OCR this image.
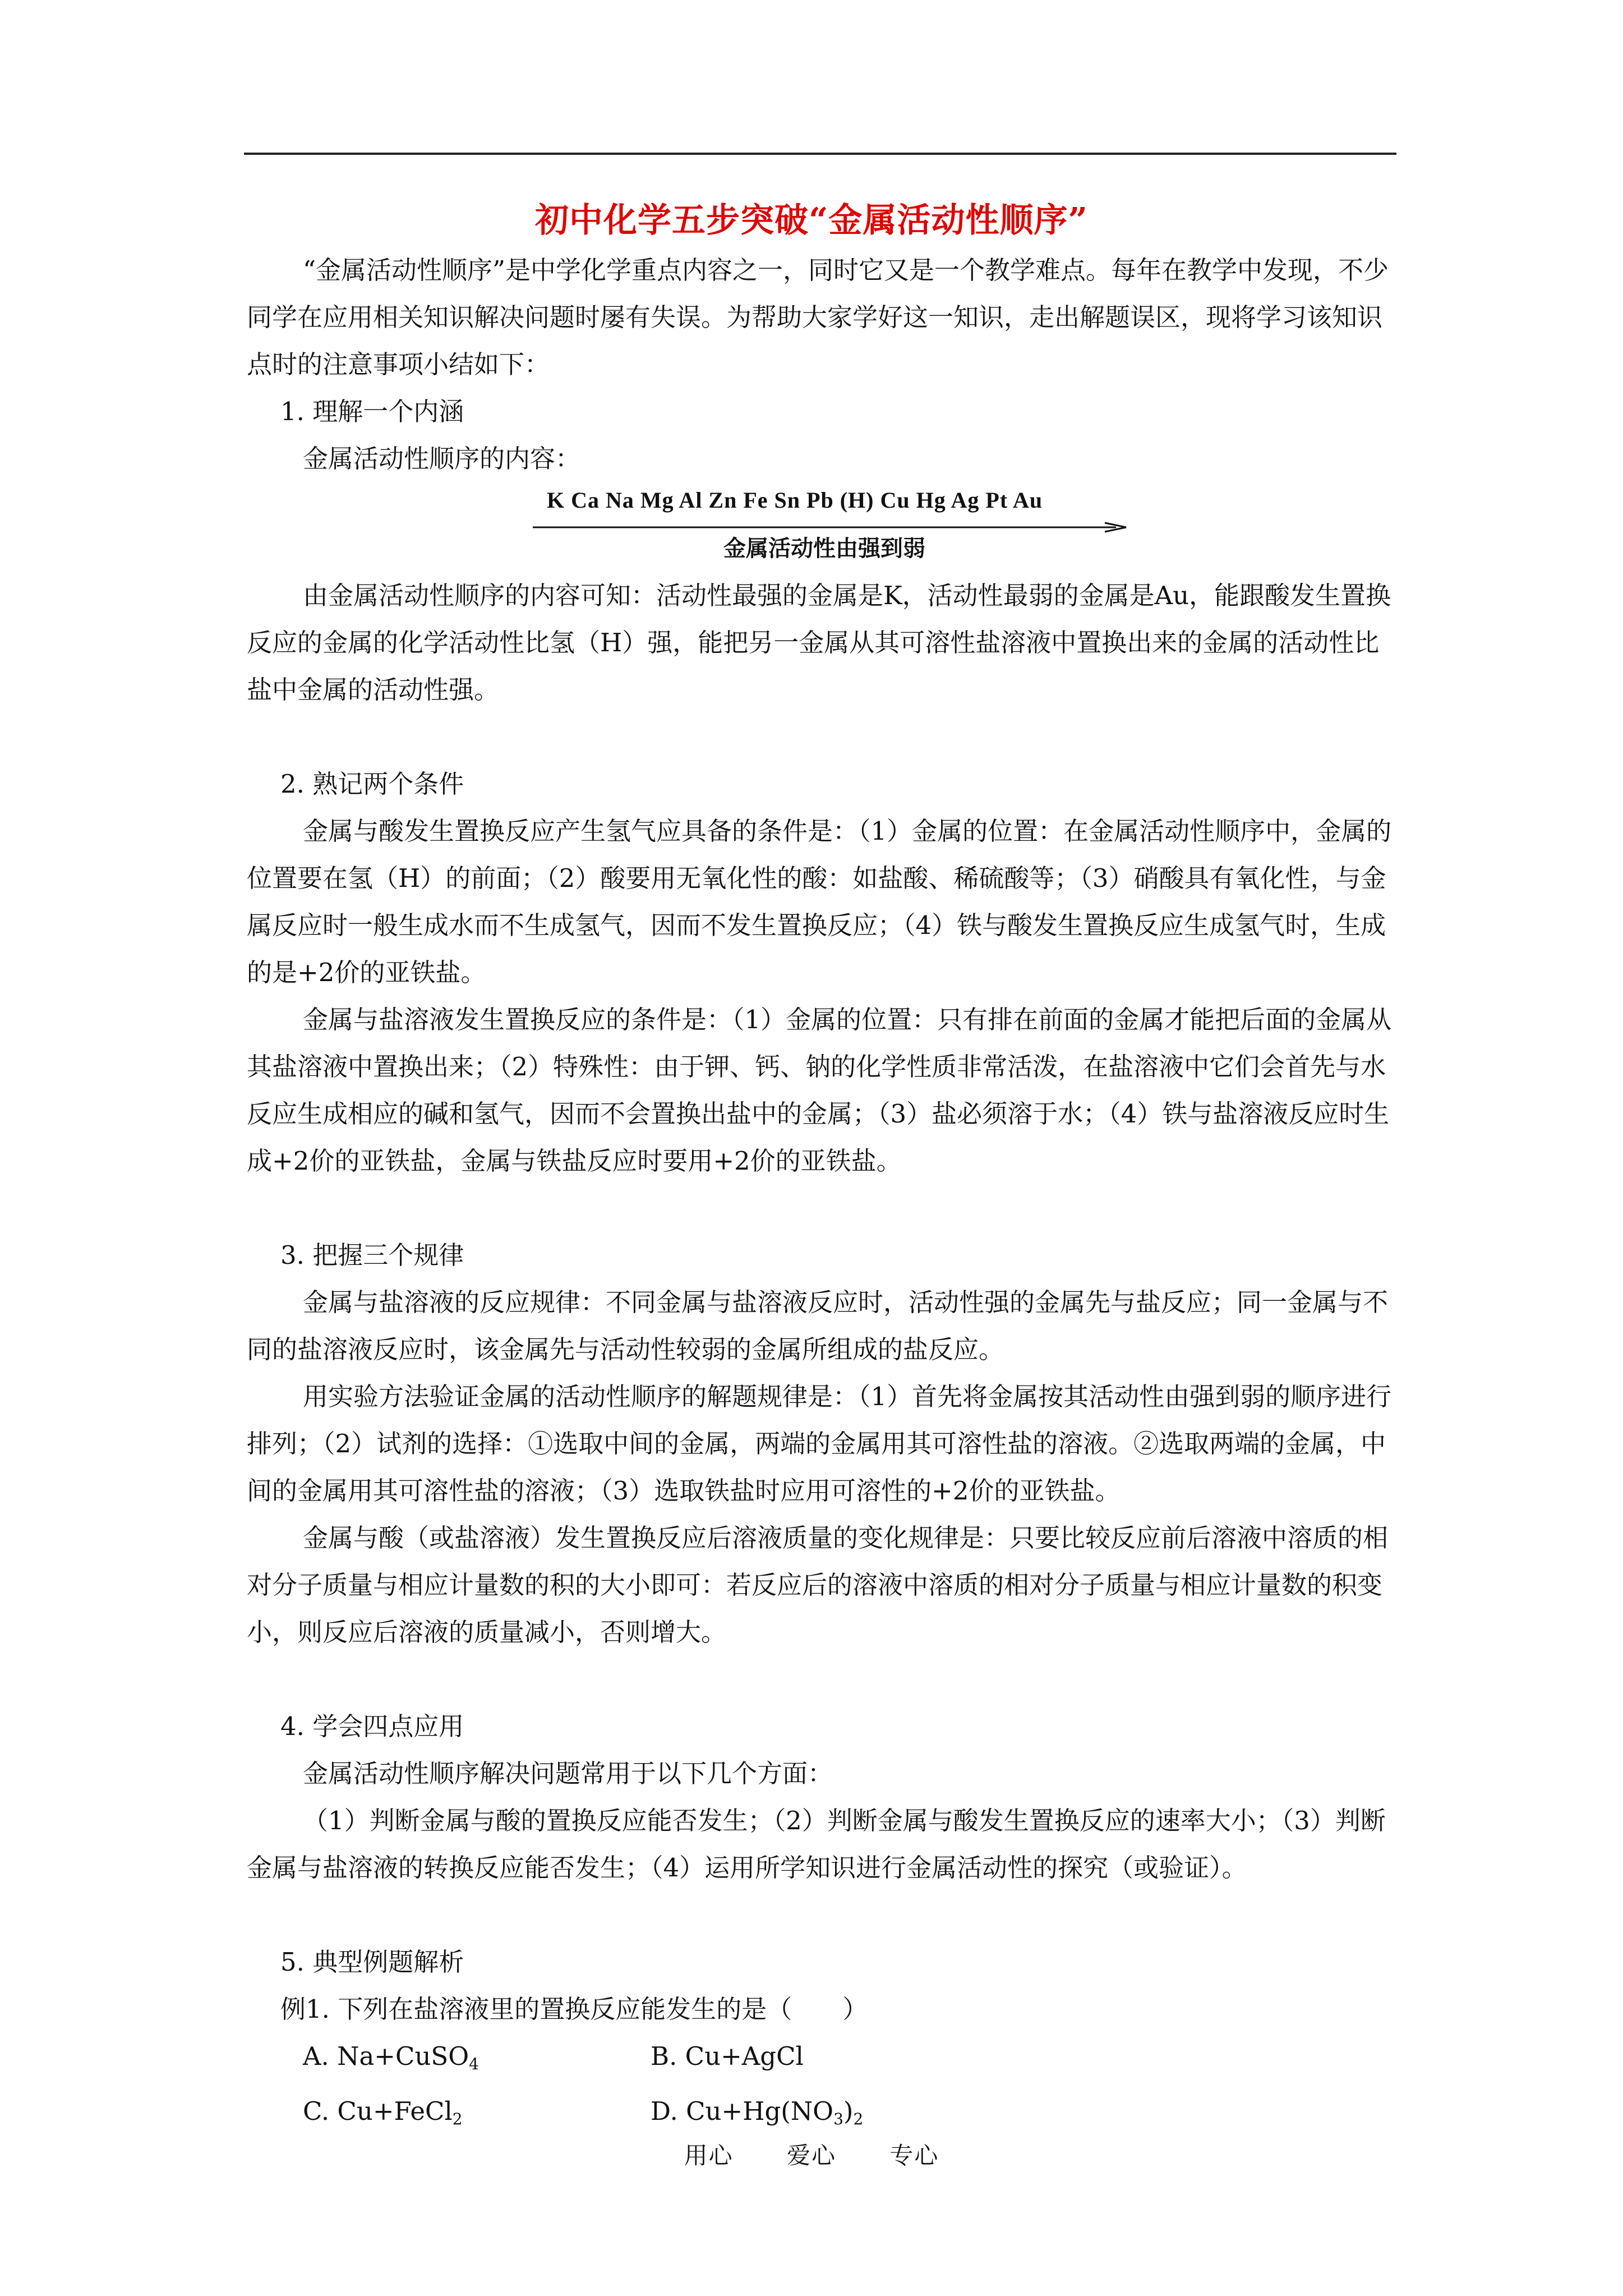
初中化学五步突破“金属活动性顺序”

“金属活动性顺序”是中学化学重点内容之一，同时它又是一个教学难点。每年在教学中发现，不少同学在应用相关知识解决问题时屡有失误。为帮助大家学好这一知识，走出解题误区，现将学习该知识点时的注意事项小结如下：

1. 理解一个内涵

金属活动性顺序的内容：

K Ca Na Mg Al Zn Fe Sn Pb (H) Cu Hg Ag Pt Au
金属活动性由强到弱

由金属活动性顺序的内容可知：活动性最强的金属是K，活动性最弱的金属是Au，能跟酸发生置换反应的金属的化学活动性比氢（H）强，能把另一金属从其可溶性盐溶液中置换出来的金属的活动性比盐中金属的活动性强。

2. 熟记两个条件

金属与酸发生置换反应产生氢气应具备的条件是：（1）金属的位置：在金属活动性顺序中，金属的位置要在氢（H）的前面；（2）酸要用无氧化性的酸：如盐酸、稀硫酸等；（3）硝酸具有氧化性，与金属反应时一般生成水而不生成氢气，因而不发生置换反应；（4）铁与酸发生置换反应生成氢气时，生成的是+2价的亚铁盐。

金属与盐溶液发生置换反应的条件是：（1）金属的位置：只有排在前面的金属才能把后面的金属从其盐溶液中置换出来；（2）特殊性：由于钾、钙、钠的化学性质非常活泼，在盐溶液中它们会首先与水反应生成相应的碱和氢气，因而不会置换出盐中的金属；（3）盐必须溶于水；（4）铁与盐溶液反应时生成+2价的亚铁盐，金属与铁盐反应时要用+2价的亚铁盐。

3. 把握三个规律

金属与盐溶液的反应规律：不同金属与盐溶液反应时，活动性强的金属先与盐反应；同一金属与不同的盐溶液反应时，该金属先与活动性较弱的金属所组成的盐反应。

用实验方法验证金属的活动性顺序的解题规律是：（1）首先将金属按其活动性由强到弱的顺序进行排列；（2）试剂的选择：①选取中间的金属，两端的金属用其可溶性盐的溶液。②选取两端的金属，中间的金属用其可溶性盐的溶液；（3）选取铁盐时应用可溶性的+2价的亚铁盐。

金属与酸（或盐溶液）发生置换反应后溶液质量的变化规律是：只要比较反应前后溶液中溶质的相对分子质量与相应计量数的积的大小即可：若反应后的溶液中溶质的相对分子质量与相应计量数的积变小，则反应后溶液的质量减小，否则增大。

4. 学会四点应用

金属活动性顺序解决问题常用于以下几个方面：

（1）判断金属与酸的置换反应能否发生；（2）判断金属与酸发生置换反应的速率大小；（3）判断金属与盐溶液的转换反应能否发生；（4）运用所学知识进行金属活动性的探究（或验证）。

5. 典型例题解析

例1. 下列在盐溶液里的置换反应能发生的是（　　）

A. Na+CuSO$_4$	B. Cu+AgCl
C. Cu+FeCl$_2$	D. $Cu+Hg(NO_3)_2$
用心 爱心 专心
